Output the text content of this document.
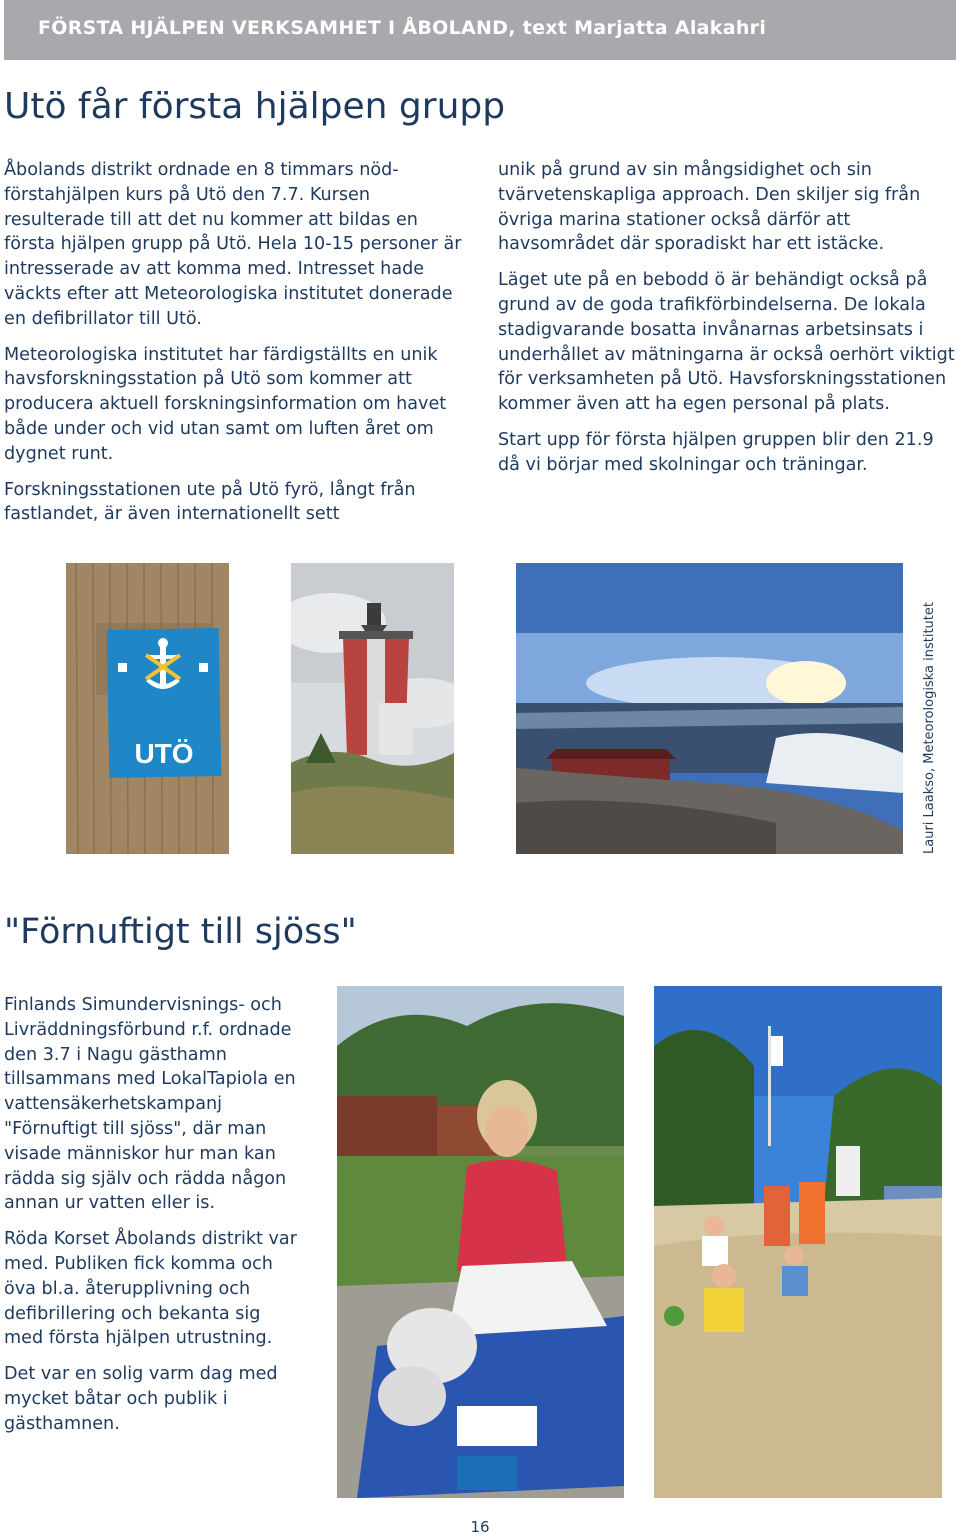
FÖRSTA HJÄLPEN VERKSAMHET I ÅBOLAND, text Marjatta Alakahri
Utö får första hjälpen grupp

Åbolands distrikt ordnade en 8 timmars nöd-förstahjälpen kurs på Utö den 7.7. Kursen resulterade till att det nu kommer att bildas en första hjälpen grupp på Utö. Hela 10-15 personer är intresserade av att komma med. Intresset hade väckts efter att Meteorologiska institutet donerade en defibrillator till Utö.

Meteorologiska institutet har färdigställts en unik havsforskningsstation på Utö som kommer att producera aktuell forskningsinformation om havet både under och vid utan samt om luften året om dygnet runt.

Forskningsstationen ute på Utö fyrö, långt från fastlandet, är även internationellt sett

unik på grund av sin mångsidighet och sin tvärvetenskapliga approach. Den skiljer sig från övriga marina stationer också därför att havsområdet där sporadiskt har ett istäcke.

Läget ute på en bebodd ö är behändigt också på grund av de goda trafikförbindelserna. De lokala stadigvarande bosatta invånarnas arbetsinsats i underhållet av mätningarna är också oerhört viktigt för verksamheten på Utö. Havsforskningsstationen kommer även att ha egen personal på plats.

Start upp för första hjälpen gruppen blir den 21.9 då vi börjar med skolningar och träningar.

UTÖ	Lauri Laakso, Meteorologiska institutet
"Förnuftigt till sjöss"

Finlands Simundervisnings- och Livräddningsförbund r.f. ordnade den 3.7 i Nagu gästhamn tillsammans med LokalTapiola en vattensäkerhetskampanj "Förnuftigt till sjöss", där man visade människor hur man kan rädda sig själv och rädda någon annan ur vatten eller is.

Röda Korset Åbolands distrikt var med. Publiken fick komma och öva bl.a. återupplivning och defibrillering och bekanta sig med första hjälpen utrustning.

Det var en solig varm dag med mycket båtar och publik i gästhamnen.

16
